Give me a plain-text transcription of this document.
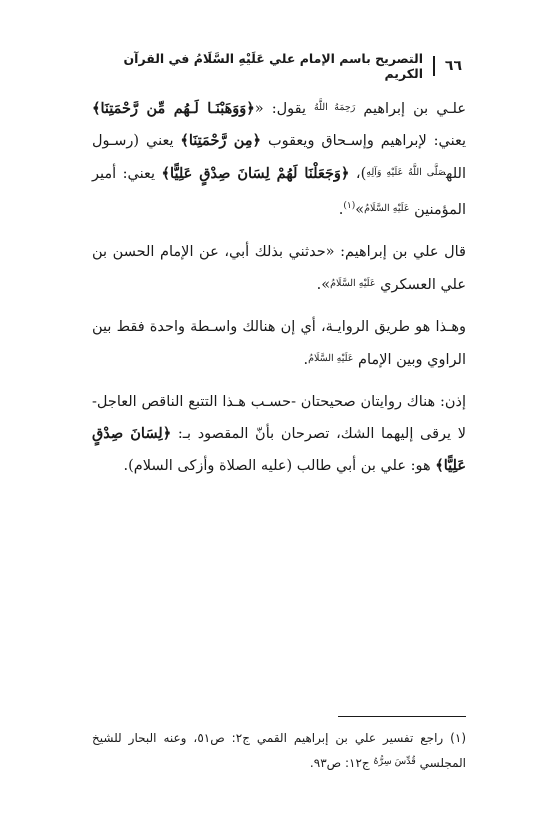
٦٦
التصريح باسم الإمام علي عَلَيْهِ السَّلَامُ في القرآن الكريم

علـي بن إبراهيم $^{رَحِمَهُ اللَّهُ}$ يقول: «﴿وَوَهَبْنَـا لَـهُم مِّن رَّحْمَتِنَا﴾ يعني: لإبراهيم وإسـحاق ويعقوب ﴿مِن رَّحْمَتِنَا﴾ يعني (رسـول الله$^{صَلَّى اللَّهُ عَلَيْهِ وَآلِهِ}$)، ﴿وَجَعَلْنَا لَهُمْ لِسَانَ صِدْقٍ عَلِيًّا﴾ يعني: أمير المؤمنين $^{عَلَيْهِ السَّلَامُ}$»$^{(١)}$.

قال علي بن إبراهيم: «حدثني بذلك أبي، عن الإمام الحسن بن علي العسكري $^{عَلَيْهِ السَّلَامُ}$».

وهـذا هو طريق الروايـة، أي إن هنالك واسـطة واحدة فقط بين الراوي وبين الإمام $^{عَلَيْهِ السَّلَامُ}$.

إذن: هناك روايتان صحيحتان -حسـب هـذا التتبع الناقص العاجل- لا يرقى إليهما الشك، تصرحان بأنّ المقصود بـ: ﴿لِسَانَ صِدْقٍ عَلِيًّا﴾ هو: علي بن أبي طالب (عليه الصلاة وأزكى السلام).

(١) راجع تفسير علي بن إبراهيم القمي ج٢: ص٥١، وعنه البحار للشيخ المجلسي $^{قُدِّسَ سِرُّهُ}$ ج١٢: ص٩٣.
